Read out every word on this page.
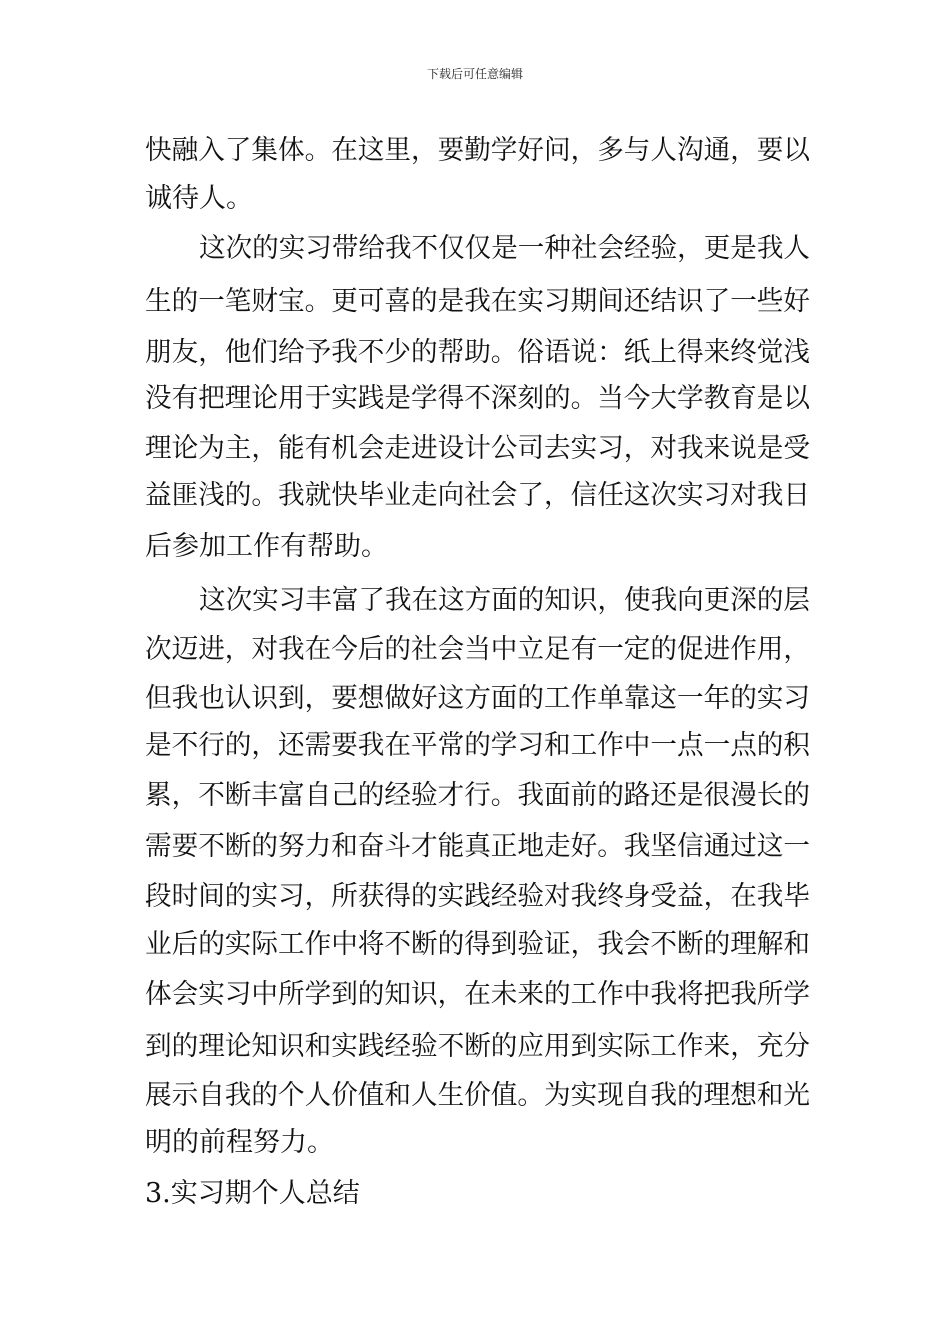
下载后可任意编辑
快融入了集体。在这里，要勤学好问，多与人沟通，要以
诚待人。
这次的实习带给我不仅仅是一种社会经验，更是我人
生的一笔财宝。更可喜的是我在实习期间还结识了一些好
朋友，他们给予我不少的帮助。俗语说：纸上得来终觉浅
没有把理论用于实践是学得不深刻的。当今大学教育是以
理论为主，能有机会走进设计公司去实习，对我来说是受
益匪浅的。我就快毕业走向社会了，信任这次实习对我日
后参加工作有帮助。
这次实习丰富了我在这方面的知识，使我向更深的层
次迈进，对我在今后的社会当中立足有一定的促进作用，
但我也认识到，要想做好这方面的工作单靠这一年的实习
是不行的，还需要我在平常的学习和工作中一点一点的积
累，不断丰富自己的经验才行。我面前的路还是很漫长的
需要不断的努力和奋斗才能真正地走好。我坚信通过这一
段时间的实习，所获得的实践经验对我终身受益，在我毕
业后的实际工作中将不断的得到验证，我会不断的理解和
体会实习中所学到的知识，在未来的工作中我将把我所学
到的理论知识和实践经验不断的应用到实际工作来，充分
展示自我的个人价值和人生价值。为实现自我的理想和光
明的前程努力。
3.实习期个人总结
